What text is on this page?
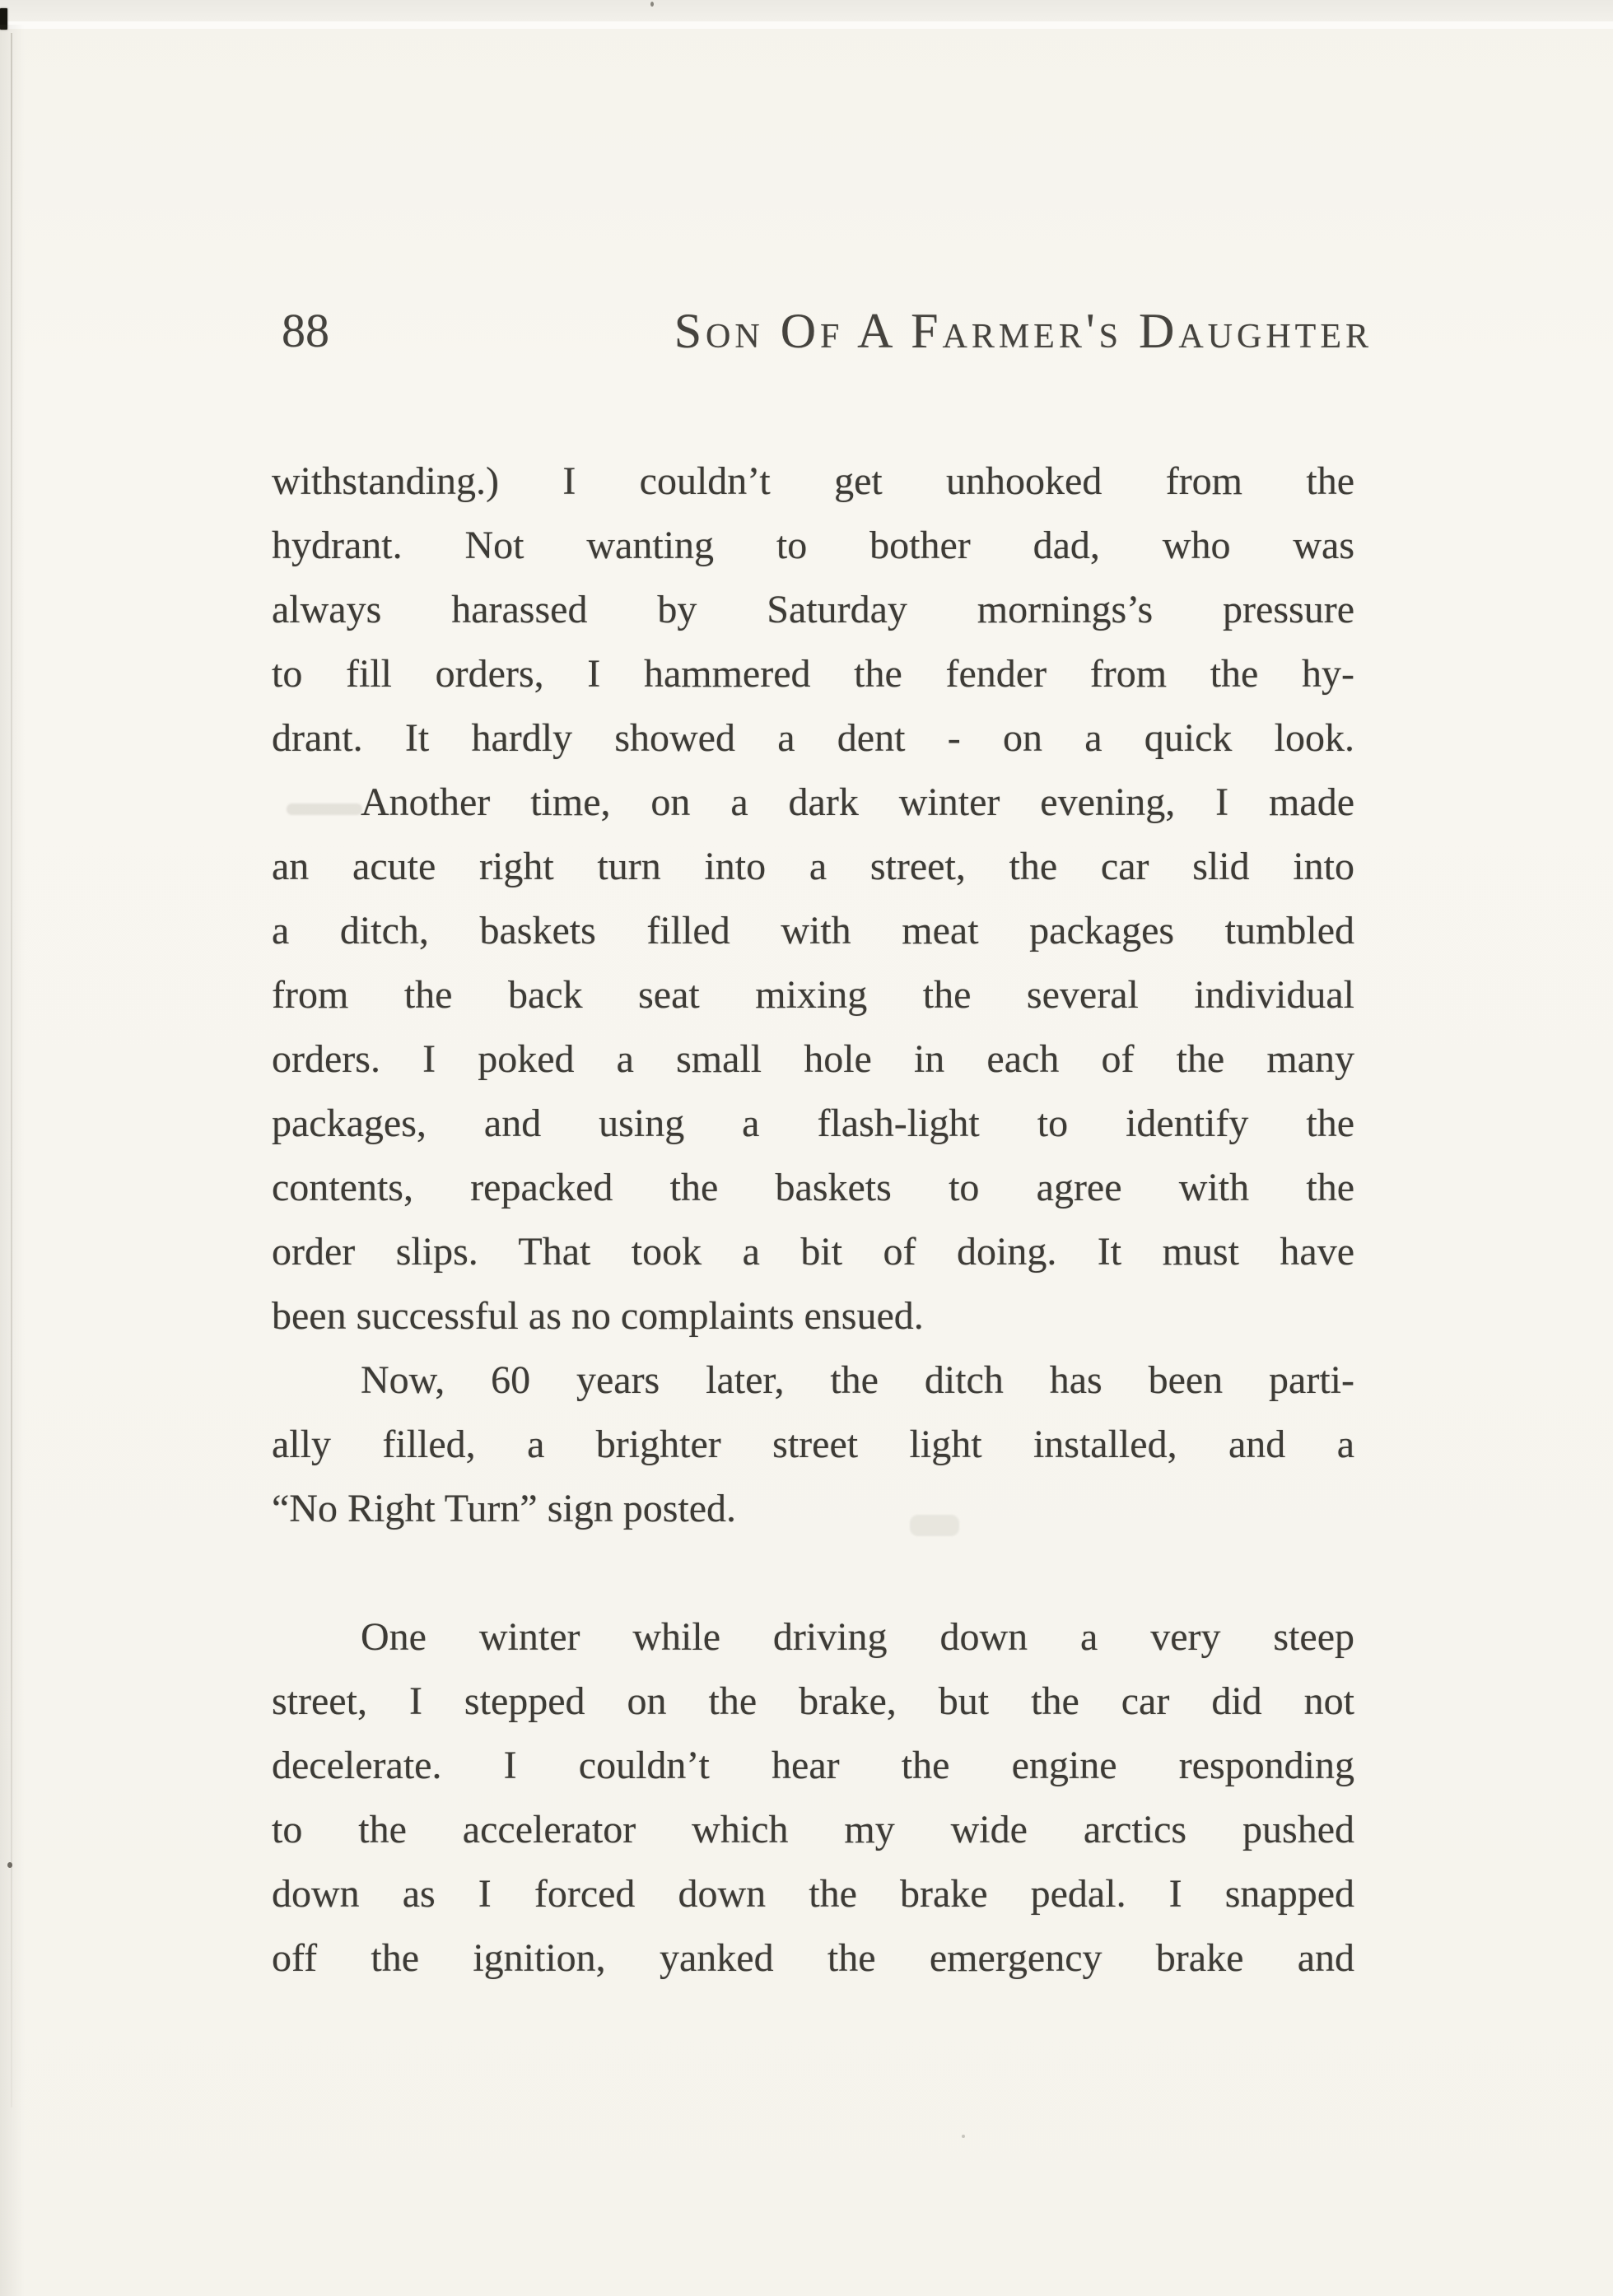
88	Son Of A Farmer's Daughter
withstanding.) I couldn’t get unhooked from the
hydrant. Not wanting to bother dad, who was
always harassed by Saturday mornings’s pressure
to fill orders, I hammered the fender from the hy-
drant. It hardly showed a dent - on a quick look.
Another time, on a dark winter evening, I made
an acute right turn into a street, the car slid into
a ditch, baskets filled with meat packages tumbled
from the back seat mixing the several individual
orders. I poked a small hole in each of the many
packages, and using a flash-light to identify the
contents, repacked the baskets to agree with the
order slips. That took a bit of doing. It must have
been successful as no complaints ensued.
Now, 60 years later, the ditch has been parti-
ally filled, a brighter street light installed, and a
“No Right Turn” sign posted.
One winter while driving down a very steep
street, I stepped on the brake, but the car did not
decelerate. I couldn’t hear the engine responding
to the accelerator which my wide arctics pushed
down as I forced down the brake pedal. I snapped
off the ignition, yanked the emergency brake and
